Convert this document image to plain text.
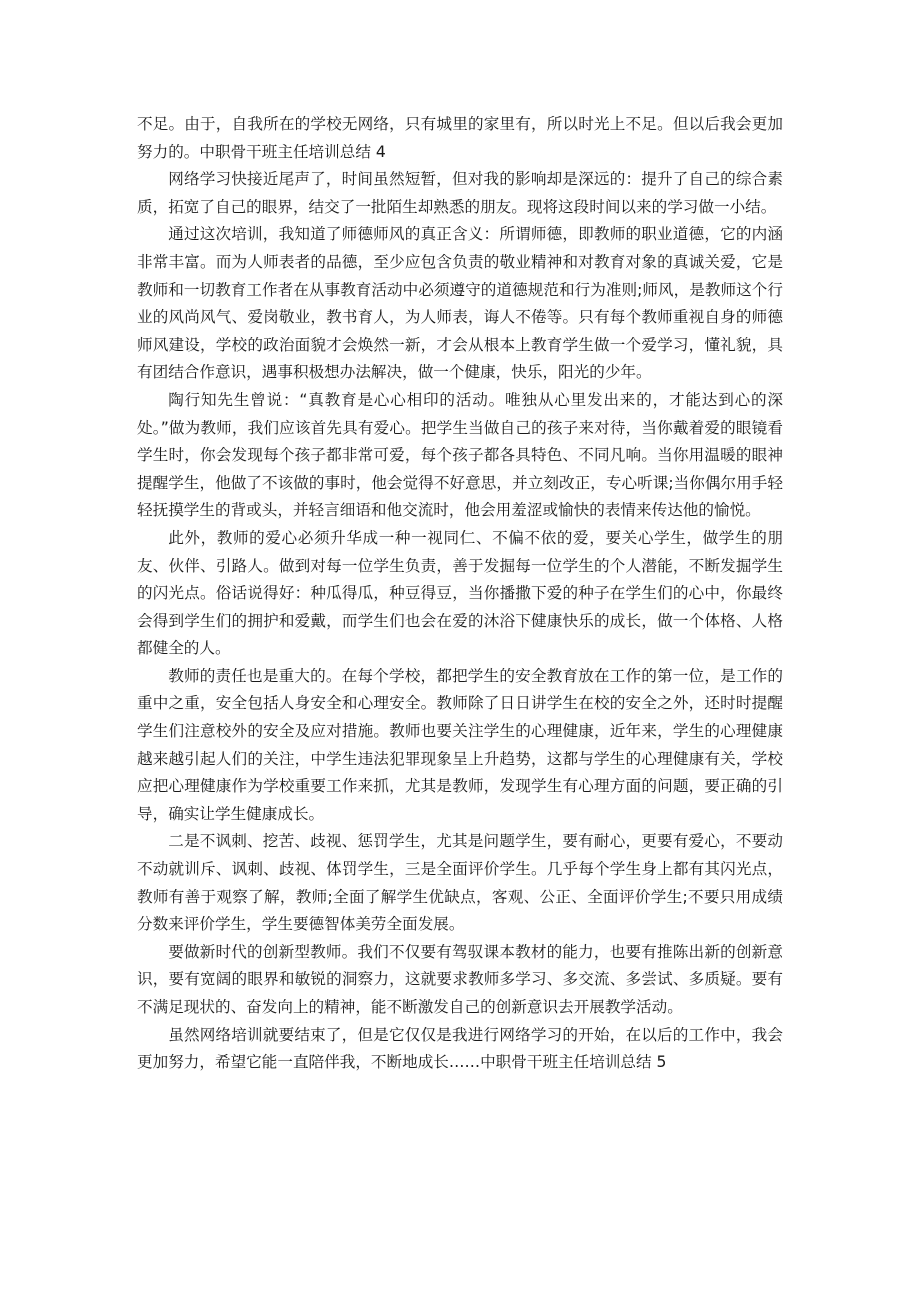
不足。由于，自我所在的学校无网络，只有城里的家里有，所以时光上不足。但以后我会更加努力的。中职骨干班主任培训总结 4

网络学习快接近尾声了，时间虽然短暂，但对我的影响却是深远的：提升了自己的综合素质，拓宽了自己的眼界，结交了一批陌生却熟悉的朋友。现将这段时间以来的学习做一小结。

通过这次培训，我知道了师德师风的真正含义：所谓师德，即教师的职业道德，它的内涵非常丰富。而为人师表者的品德，至少应包含负责的敬业精神和对教育对象的真诚关爱，它是教师和一切教育工作者在从事教育活动中必须遵守的道德规范和行为准则;师风，是教师这个行业的风尚风气、爱岗敬业，教书育人，为人师表，诲人不倦等。只有每个教师重视自身的师德师风建设，学校的政治面貌才会焕然一新，才会从根本上教育学生做一个爱学习，懂礼貌，具有团结合作意识，遇事积极想办法解决，做一个健康，快乐，阳光的少年。

陶行知先生曾说：“真教育是心心相印的活动。唯独从心里发出来的，才能达到心的深处。”做为教师，我们应该首先具有爱心。把学生当做自己的孩子来对待，当你戴着爱的眼镜看学生时，你会发现每个孩子都非常可爱，每个孩子都各具特色、不同凡响。当你用温暖的眼神提醒学生，他做了不该做的事时，他会觉得不好意思，并立刻改正，专心听课;当你偶尔用手轻轻抚摸学生的背或头，并轻言细语和他交流时，他会用羞涩或愉快的表情来传达他的愉悦。

此外，教师的爱心必须升华成一种一视同仁、不偏不依的爱，要关心学生，做学生的朋友、伙伴、引路人。做到对每一位学生负责，善于发掘每一位学生的个人潜能，不断发掘学生的闪光点。俗话说得好：种瓜得瓜，种豆得豆，当你播撒下爱的种子在学生们的心中，你最终会得到学生们的拥护和爱戴，而学生们也会在爱的沐浴下健康快乐的成长，做一个体格、人格都健全的人。

教师的责任也是重大的。在每个学校，都把学生的安全教育放在工作的第一位，是工作的重中之重，安全包括人身安全和心理安全。教师除了日日讲学生在校的安全之外，还时时提醒学生们注意校外的安全及应对措施。教师也要关注学生的心理健康，近年来，学生的心理健康越来越引起人们的关注，中学生违法犯罪现象呈上升趋势，这都与学生的心理健康有关，学校应把心理健康作为学校重要工作来抓，尤其是教师，发现学生有心理方面的问题，要正确的引导，确实让学生健康成长。

二是不讽刺、挖苦、歧视、惩罚学生，尤其是问题学生，要有耐心，更要有爱心，不要动不动就训斥、讽刺、歧视、体罚学生，三是全面评价学生。几乎每个学生身上都有其闪光点，教师有善于观察了解，教师;全面了解学生优缺点，客观、公正、全面评价学生;不要只用成绩分数来评价学生，学生要德智体美劳全面发展。

要做新时代的创新型教师。我们不仅要有驾驭课本教材的能力，也要有推陈出新的创新意识，要有宽阔的眼界和敏锐的洞察力，这就要求教师多学习、多交流、多尝试、多质疑。要有不满足现状的、奋发向上的精神，能不断激发自己的创新意识去开展教学活动。

虽然网络培训就要结束了，但是它仅仅是我进行网络学习的开始，在以后的工作中，我会更加努力，希望它能一直陪伴我，不断地成长……中职骨干班主任培训总结 5
